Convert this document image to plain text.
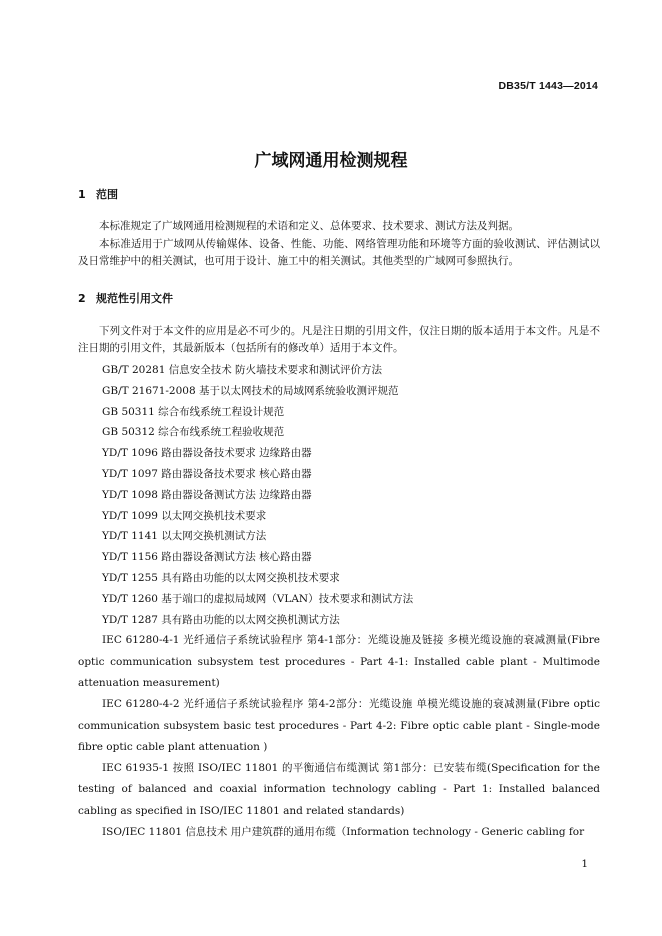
DB35/T 1443—2014
广域网通用检测规程
1 范围

本标准规定了广域网通用检测规程的术语和定义、总体要求、技术要求、测试方法及判据。

本标准适用于广域网从传输媒体、设备、性能、功能、网络管理功能和环境等方面的验收测试、评估测试以及日常维护中的相关测试，也可用于设计、施工中的相关测试。其他类型的广域网可参照执行。

2 规范性引用文件

下列文件对于本文件的应用是必不可少的。凡是注日期的引用文件，仅注日期的版本适用于本文件。凡是不注日期的引用文件，其最新版本（包括所有的修改单）适用于本文件。

GB/T 20281 信息安全技术 防火墙技术要求和测试评价方法
GB/T 21671-2008 基于以太网技术的局域网系统验收测评规范
GB 50311 综合布线系统工程设计规范
GB 50312 综合布线系统工程验收规范
YD/T 1096 路由器设备技术要求 边缘路由器
YD/T 1097 路由器设备技术要求 核心路由器
YD/T 1098 路由器设备测试方法 边缘路由器
YD/T 1099 以太网交换机技术要求
YD/T 1141 以太网交换机测试方法
YD/T 1156 路由器设备测试方法 核心路由器
YD/T 1255 具有路由功能的以太网交换机技术要求
YD/T 1260 基于端口的虚拟局域网（VLAN）技术要求和测试方法
YD/T 1287 具有路由功能的以太网交换机测试方法
IEC 61280-4-1 光纤通信子系统试验程序 第4-1部分：光缆设施及链接 多模光缆设施的衰减测量(Fibre optic communication subsystem test procedures - Part 4-1: Installed cable plant - Multimode attenuation measurement)
IEC 61280-4-2 光纤通信子系统试验程序 第4-2部分：光缆设施 单模光缆设施的衰减测量(Fibre optic communication subsystem basic test procedures - Part 4-2: Fibre optic cable plant - Single-mode fibre optic cable plant attenuation )
IEC 61935-1 按照 ISO/IEC 11801 的平衡通信布缆测试 第1部分：已安装布缆(Specification for the testing of balanced and coaxial information technology cabling - Part 1: Installed balanced cabling as specified in ISO/IEC 11801 and related standards)
ISO/IEC 11801 信息技术 用户建筑群的通用布缆（Information technology - Generic cabling for
1
